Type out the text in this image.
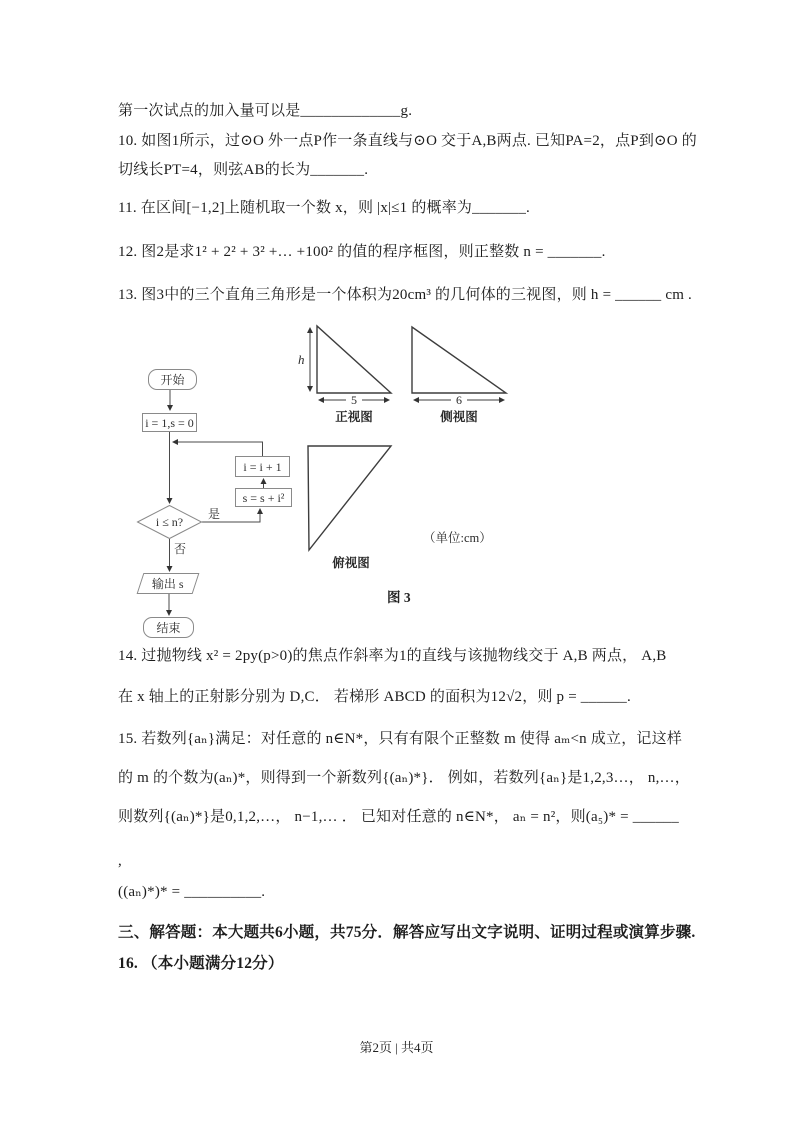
第一次试点的加入量可以是_____________g.
10. 如图1所示，过⊙O 外一点P作一条直线与⊙O 交于A,B两点. 已知PA=2，点P到⊙O 的
切线长PT=4，则弦AB的长为_______.
11. 在区间[−1,2]上随机取一个数 x，则 |x|≤1 的概率为_______.
12. 图2是求1² + 2² + 3² +… +100² 的值的程序框图，则正整数 n = _______.
13. 图3中的三个直角三角形是一个体积为20cm³ 的几何体的三视图，则 h = ______ cm .
14. 过抛物线 x² = 2py(p>0)的焦点作斜率为1的直线与该抛物线交于 A,B 两点， A,B
在 x 轴上的正射影分别为 D,C． 若梯形 ABCD 的面积为12√2，则 p = ______.
15. 若数列{aₙ}满足：对任意的 n∈N*，只有有限个正整数 m 使得 aₘ<n 成立，记这样
的 m 的个数为(aₙ)*，则得到一个新数列{(aₙ)*}． 例如，若数列{aₙ}是1,2,3…， n,…，
则数列{(aₙ)*}是0,1,2,…， n−1,… ． 已知对任意的 n∈N*， aₙ = n²，则(a₅)* = ______
,
((aₙ)*)* = __________.
三、解答题：本大题共6小题，共75分．解答应写出文字说明、证明过程或演算步骤.
16. （本小题满分12分）
开始
i = 1,s = 0
i = i + 1
s = s + i²
i ≤ n?
是
否
输出 s
结束
h
5	6
正视图	侧视图
俯视图
（单位:cm）
图 3
第2页 | 共4页
